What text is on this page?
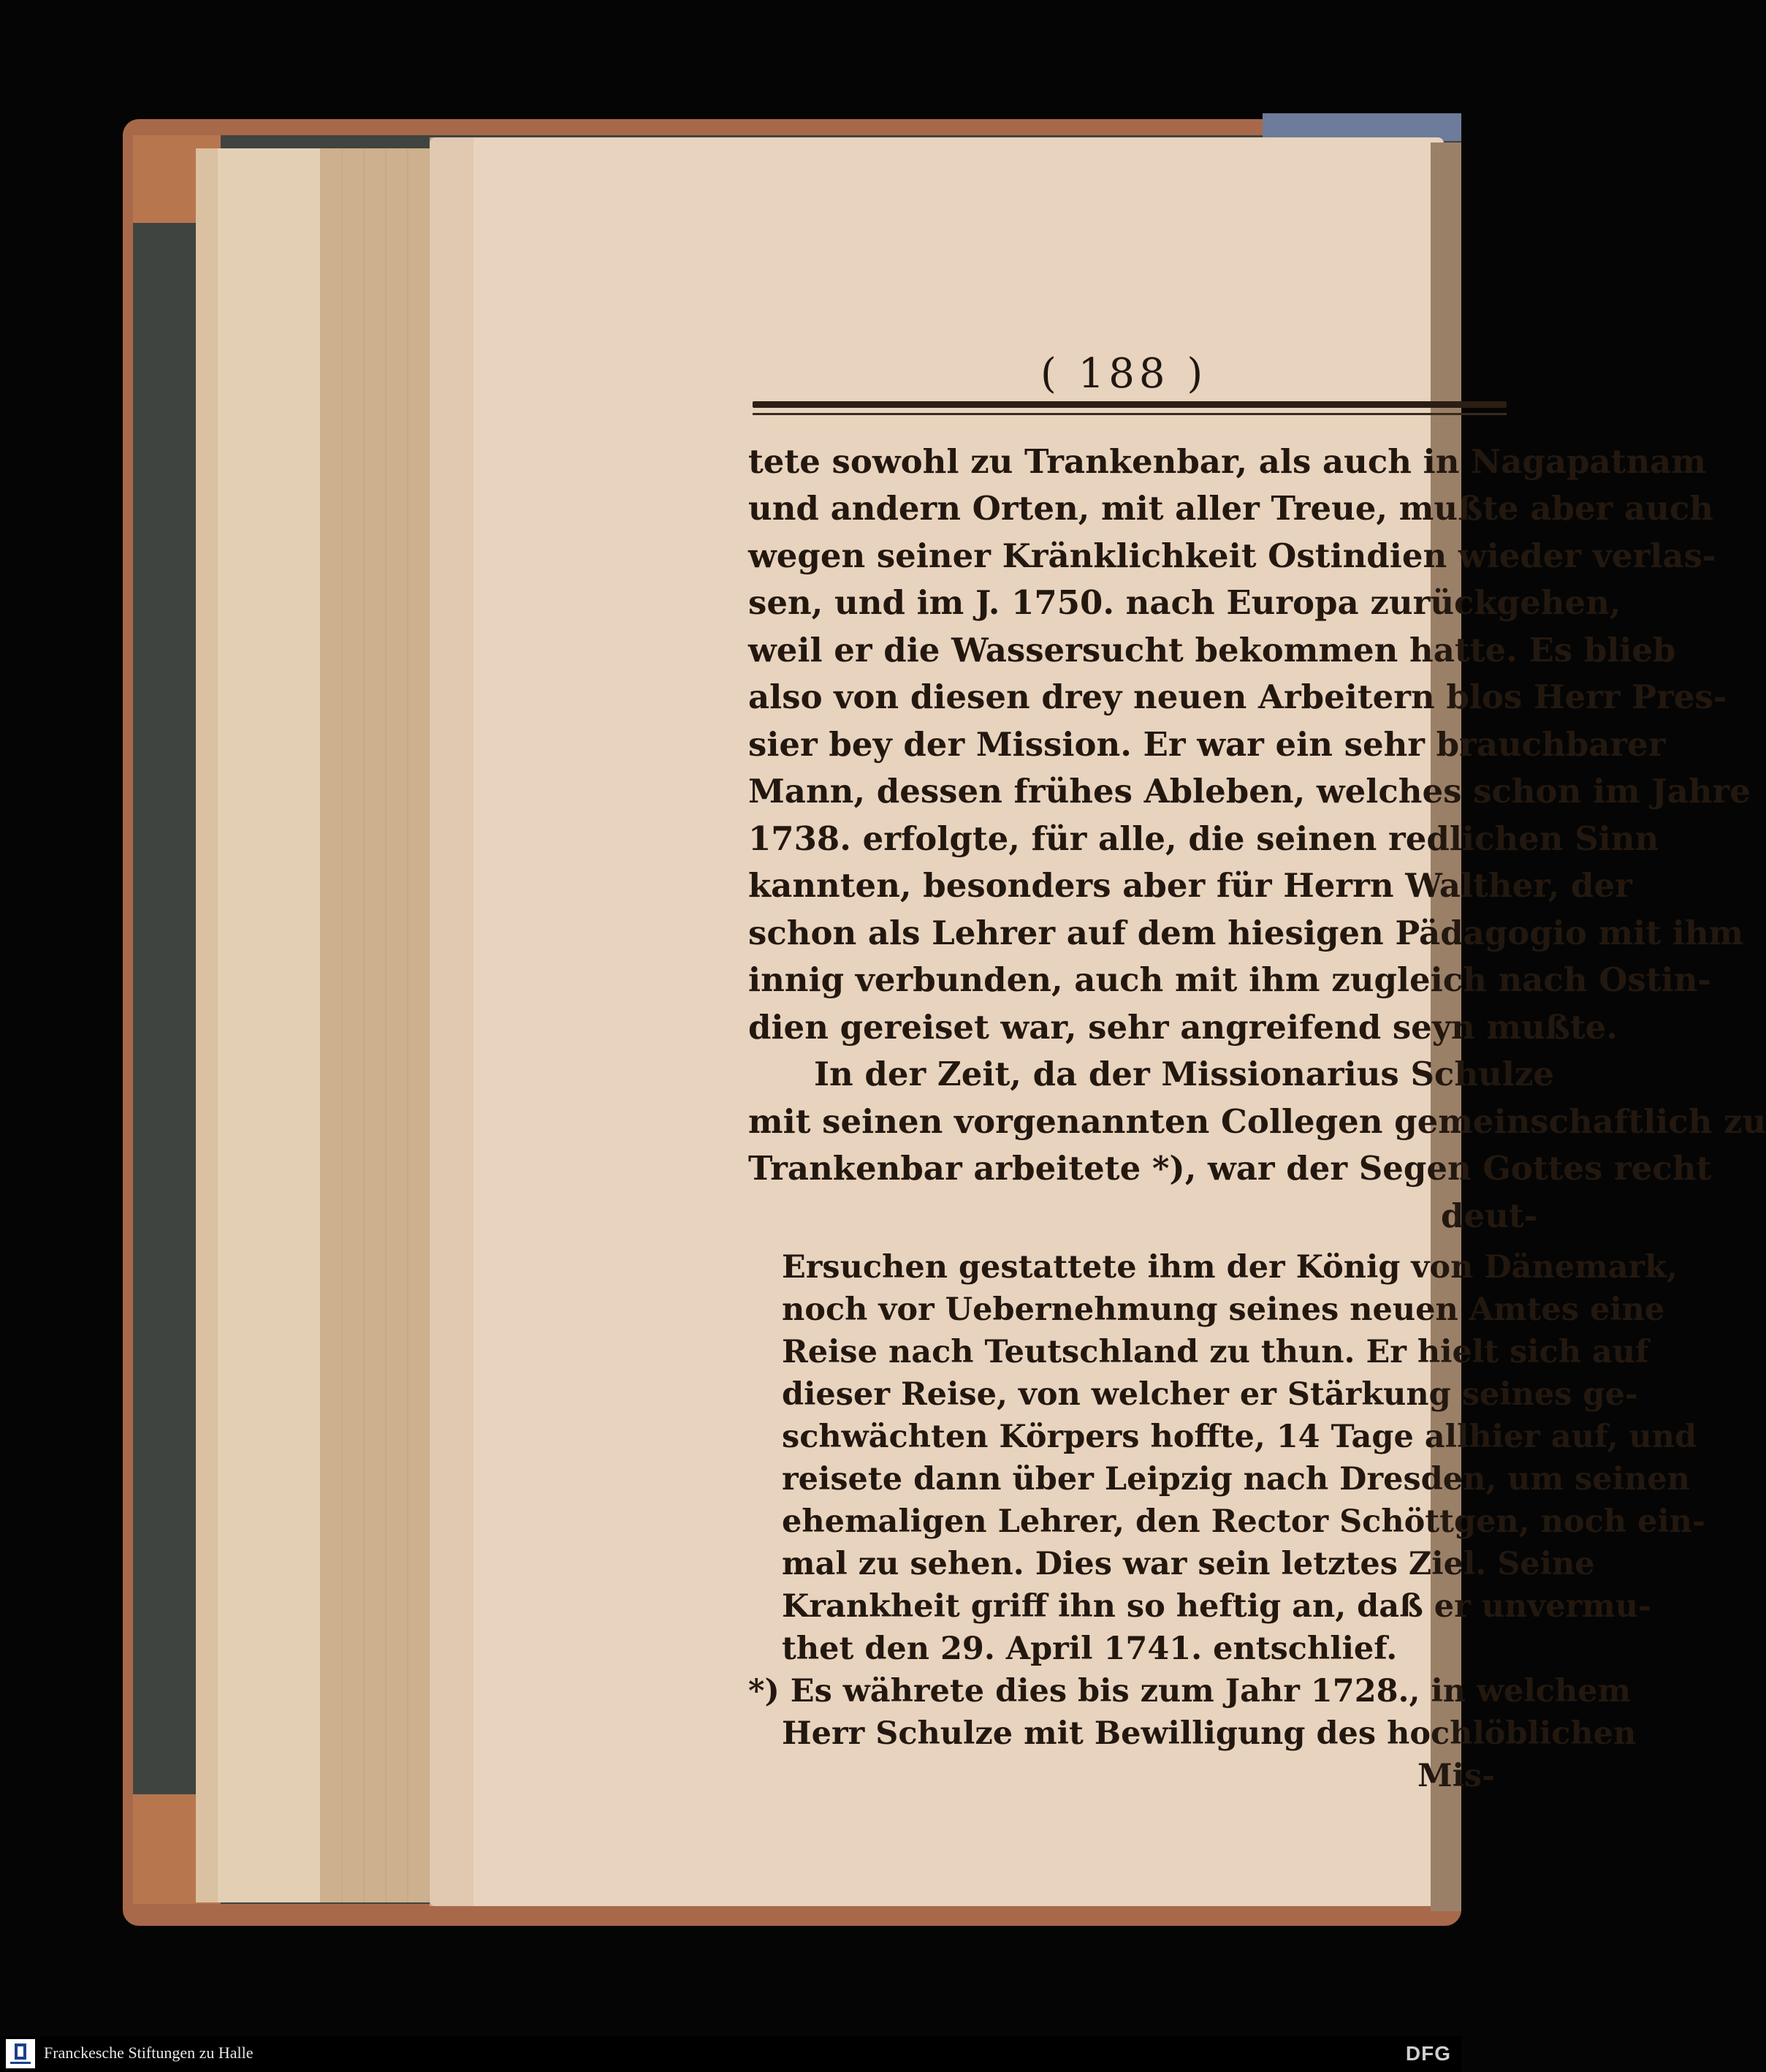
( 188 )
tete sowohl zu Trankenbar, als auch in Nagapatnam
und andern Orten, mit aller Treue, mußte aber auch
wegen seiner Kränklichkeit Ostindien wieder verlas-
sen, und im J. 1750. nach Europa zurückgehen,
weil er die Wassersucht bekommen hatte. Es blieb
also von diesen drey neuen Arbeitern blos Herr Pres-
sier bey der Mission. Er war ein sehr brauchbarer
Mann, dessen frühes Ableben, welches schon im Jahre
1738. erfolgte, für alle, die seinen redlichen Sinn
kannten, besonders aber für Herrn Walther, der
schon als Lehrer auf dem hiesigen Pädagogio mit ihm
innig verbunden, auch mit ihm zugleich nach Ostin-
dien gereiset war, sehr angreifend seyn mußte.
In der Zeit, da der Missionarius Schulze
mit seinen vorgenannten Collegen gemeinschaftlich zu
Trankenbar arbeitete *), war der Segen Gottes recht
deut-
Ersuchen gestattete ihm der König von Dänemark,
noch vor Uebernehmung seines neuen Amtes eine
Reise nach Teutschland zu thun. Er hielt sich auf
dieser Reise, von welcher er Stärkung seines ge-
schwächten Körpers hoffte, 14 Tage allhier auf, und
reisete dann über Leipzig nach Dresden, um seinen
ehemaligen Lehrer, den Rector Schöttgen, noch ein-
mal zu sehen. Dies war sein letztes Ziel. Seine
Krankheit griff ihn so heftig an, daß er unvermu-
thet den 29. April 1741. entschlief.
*) Es währete dies bis zum Jahr 1728., in welchem
Herr Schulze mit Bewilligung des hochlöblichen
Mis-
Franckesche Stiftungen zu Halle	DFG
